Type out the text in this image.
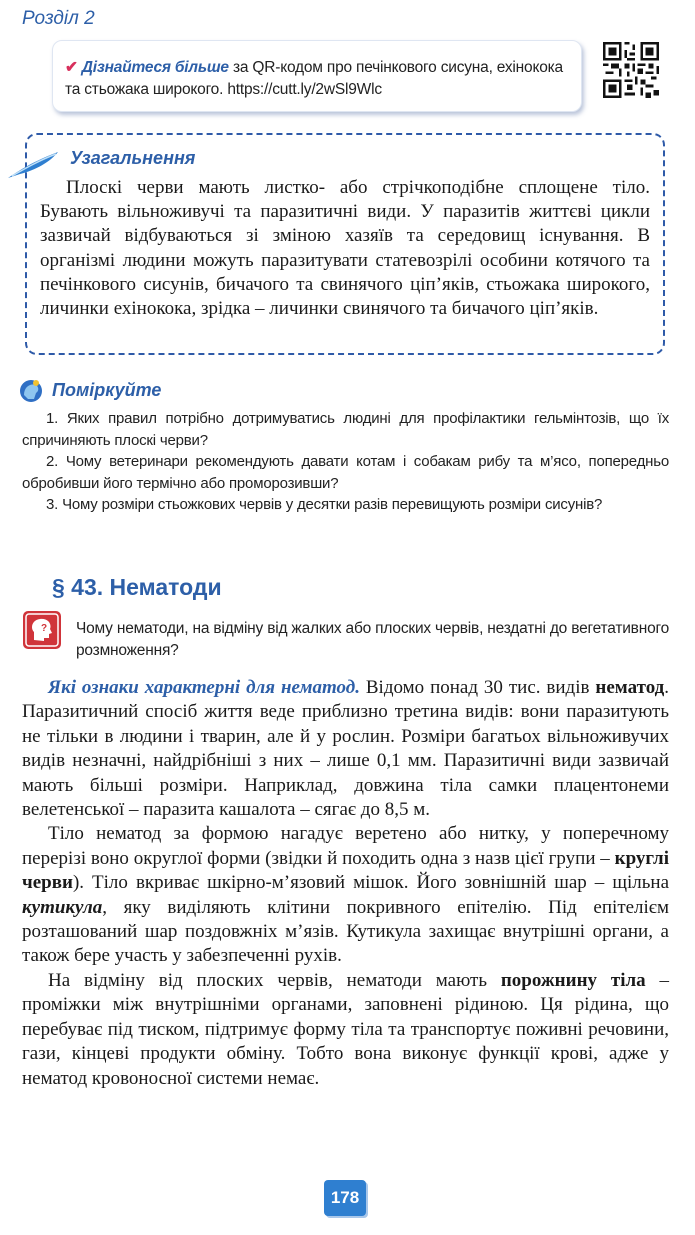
Розділ 2
✔ Дізнайтеся більше за QR-кодом про печінкового сисуна, ехінокока та стьожака широкого. https://cutt.ly/2wSl9Wlc
Узагальнення
Плоскі черви мають листко- або стрічкоподібне сплощене тіло. Бувають вільноживучі та паразитичні види. У паразитів життєві цикли зазвичай відбуваються зі зміною хазяїв та середовищ існування. В організмі людини можуть паразитувати статевозрілі особини котячого та печінкового сисунів, бичачого та свинячого ціп’яків, стьожака широкого, личинки ехінокока, зрідка – личинки свинячого та бичачого ціп’яків.
Поміркуйте

1. Яких правил потрібно дотримуватись людині для профілактики гельмінтозів, що їх спричиняють плоскі черви?

2. Чому ветеринари рекомендують давати котам і собакам рибу та м’ясо, попередньо обробивши його термічно або проморозивши?

3. Чому розміри стьожкових червів у десятки разів перевищують розміри сисунів?

§ 43. Нематоди
? Чому нематоди, на відміну від жалких або плоских червів, нездатні до вегетативного розмноження?

Які ознаки характерні для нематод. Відомо понад 30 тис. видів нематод. Паразитичний спосіб життя веде приблизно третина видів: вони паразитують не тільки в людини і тварин, але й у рослин. Розміри багатьох вільноживучих видів незначні, найдрібніші з них – лише 0,1 мм. Паразитичні види зазвичай мають більші розміри. Наприклад, довжина тіла самки плацентонеми велетенської – паразита кашалота – сягає до 8,5 м.

Тіло нематод за формою нагадує веретено або нитку, у поперечному перерізі воно округлої форми (звідки й походить одна з назв цієї групи – круглі черви). Тіло вкриває шкірно-м’язовий мішок. Його зовнішній шар – щільна кутикула, яку виділяють клітини покривного епітелію. Під епітелієм розташований шар поздовжніх м’язів. Кутикула захищає внутрішні органи, а також бере участь у забезпеченні рухів.

На відміну від плоских червів, нематоди мають порожнину тіла – проміжки між внутрішніми органами, заповнені рідиною. Ця рідина, що перебуває під тиском, підтримує форму тіла та транспортує поживні речовини, гази, кінцеві продукти обміну. Тобто вона виконує функції крові, адже у нематод кровоносної системи немає.

178
